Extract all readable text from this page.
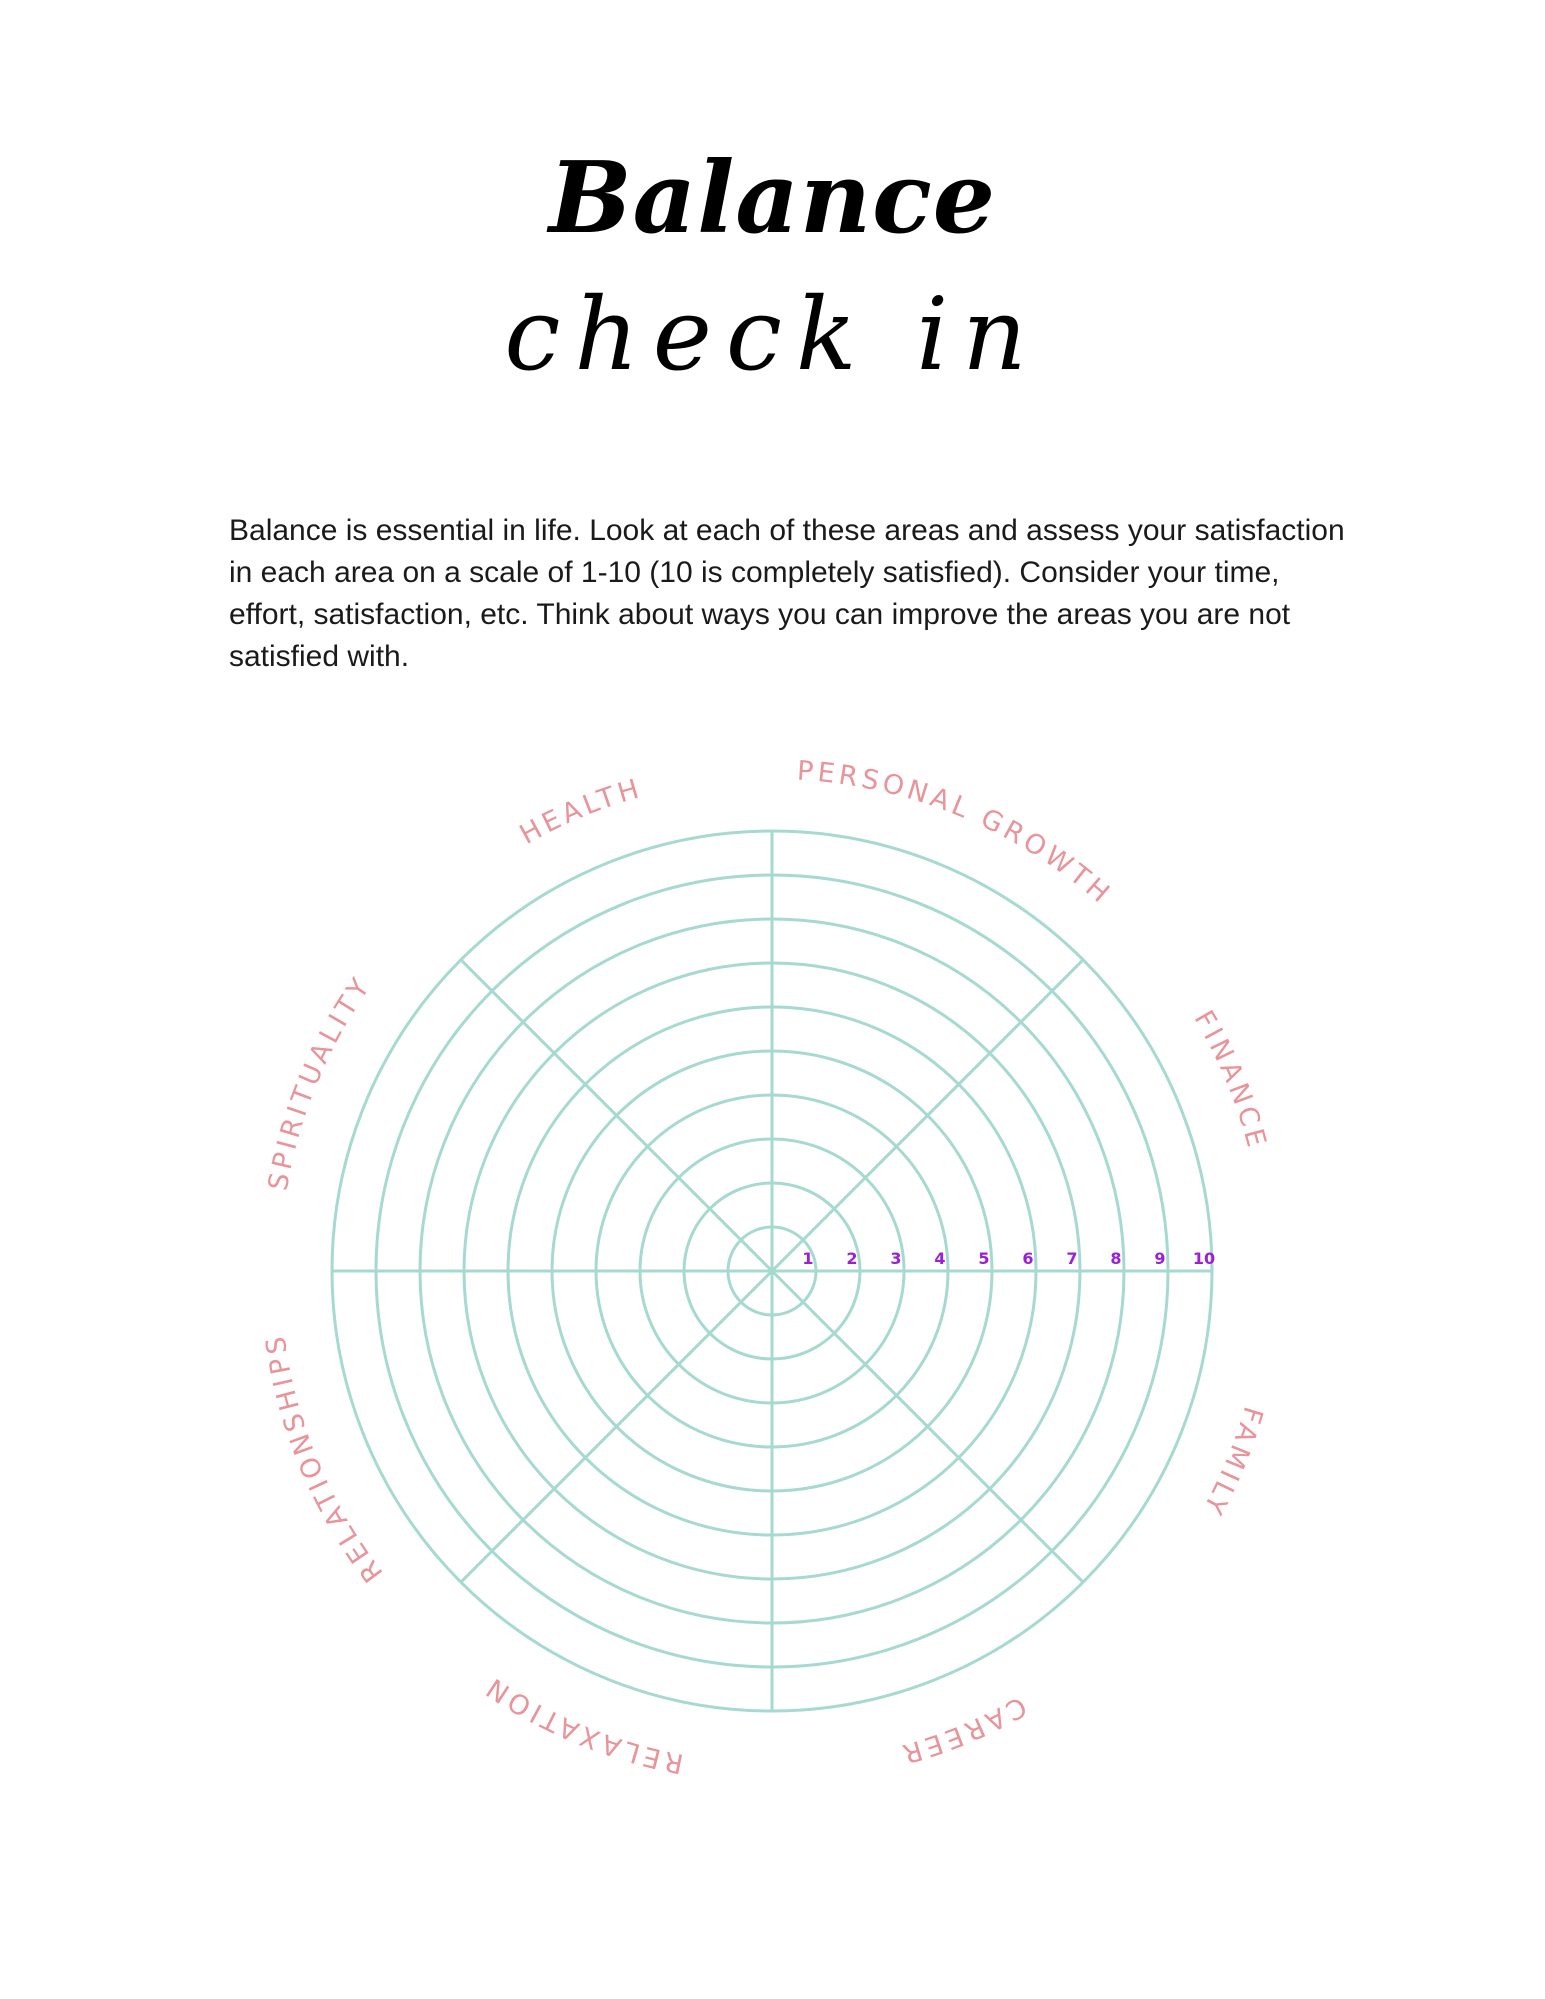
Balance
check in

Balance is essential in life. Look at each of these areas and assess your satisfaction in each area on a scale of 1-10 (10 is completely satisfied). Consider your time, effort, satisfaction, etc. Think about ways you can improve the areas you are not satisfied with.

1 2 3 4 5 6 7 8 9 10
PERSONAL GROWTH
FINANCE
FAMILY
CAREER
RELAXATION
RELATIONSHIPS
SPIRITUALITY
HEALTH
